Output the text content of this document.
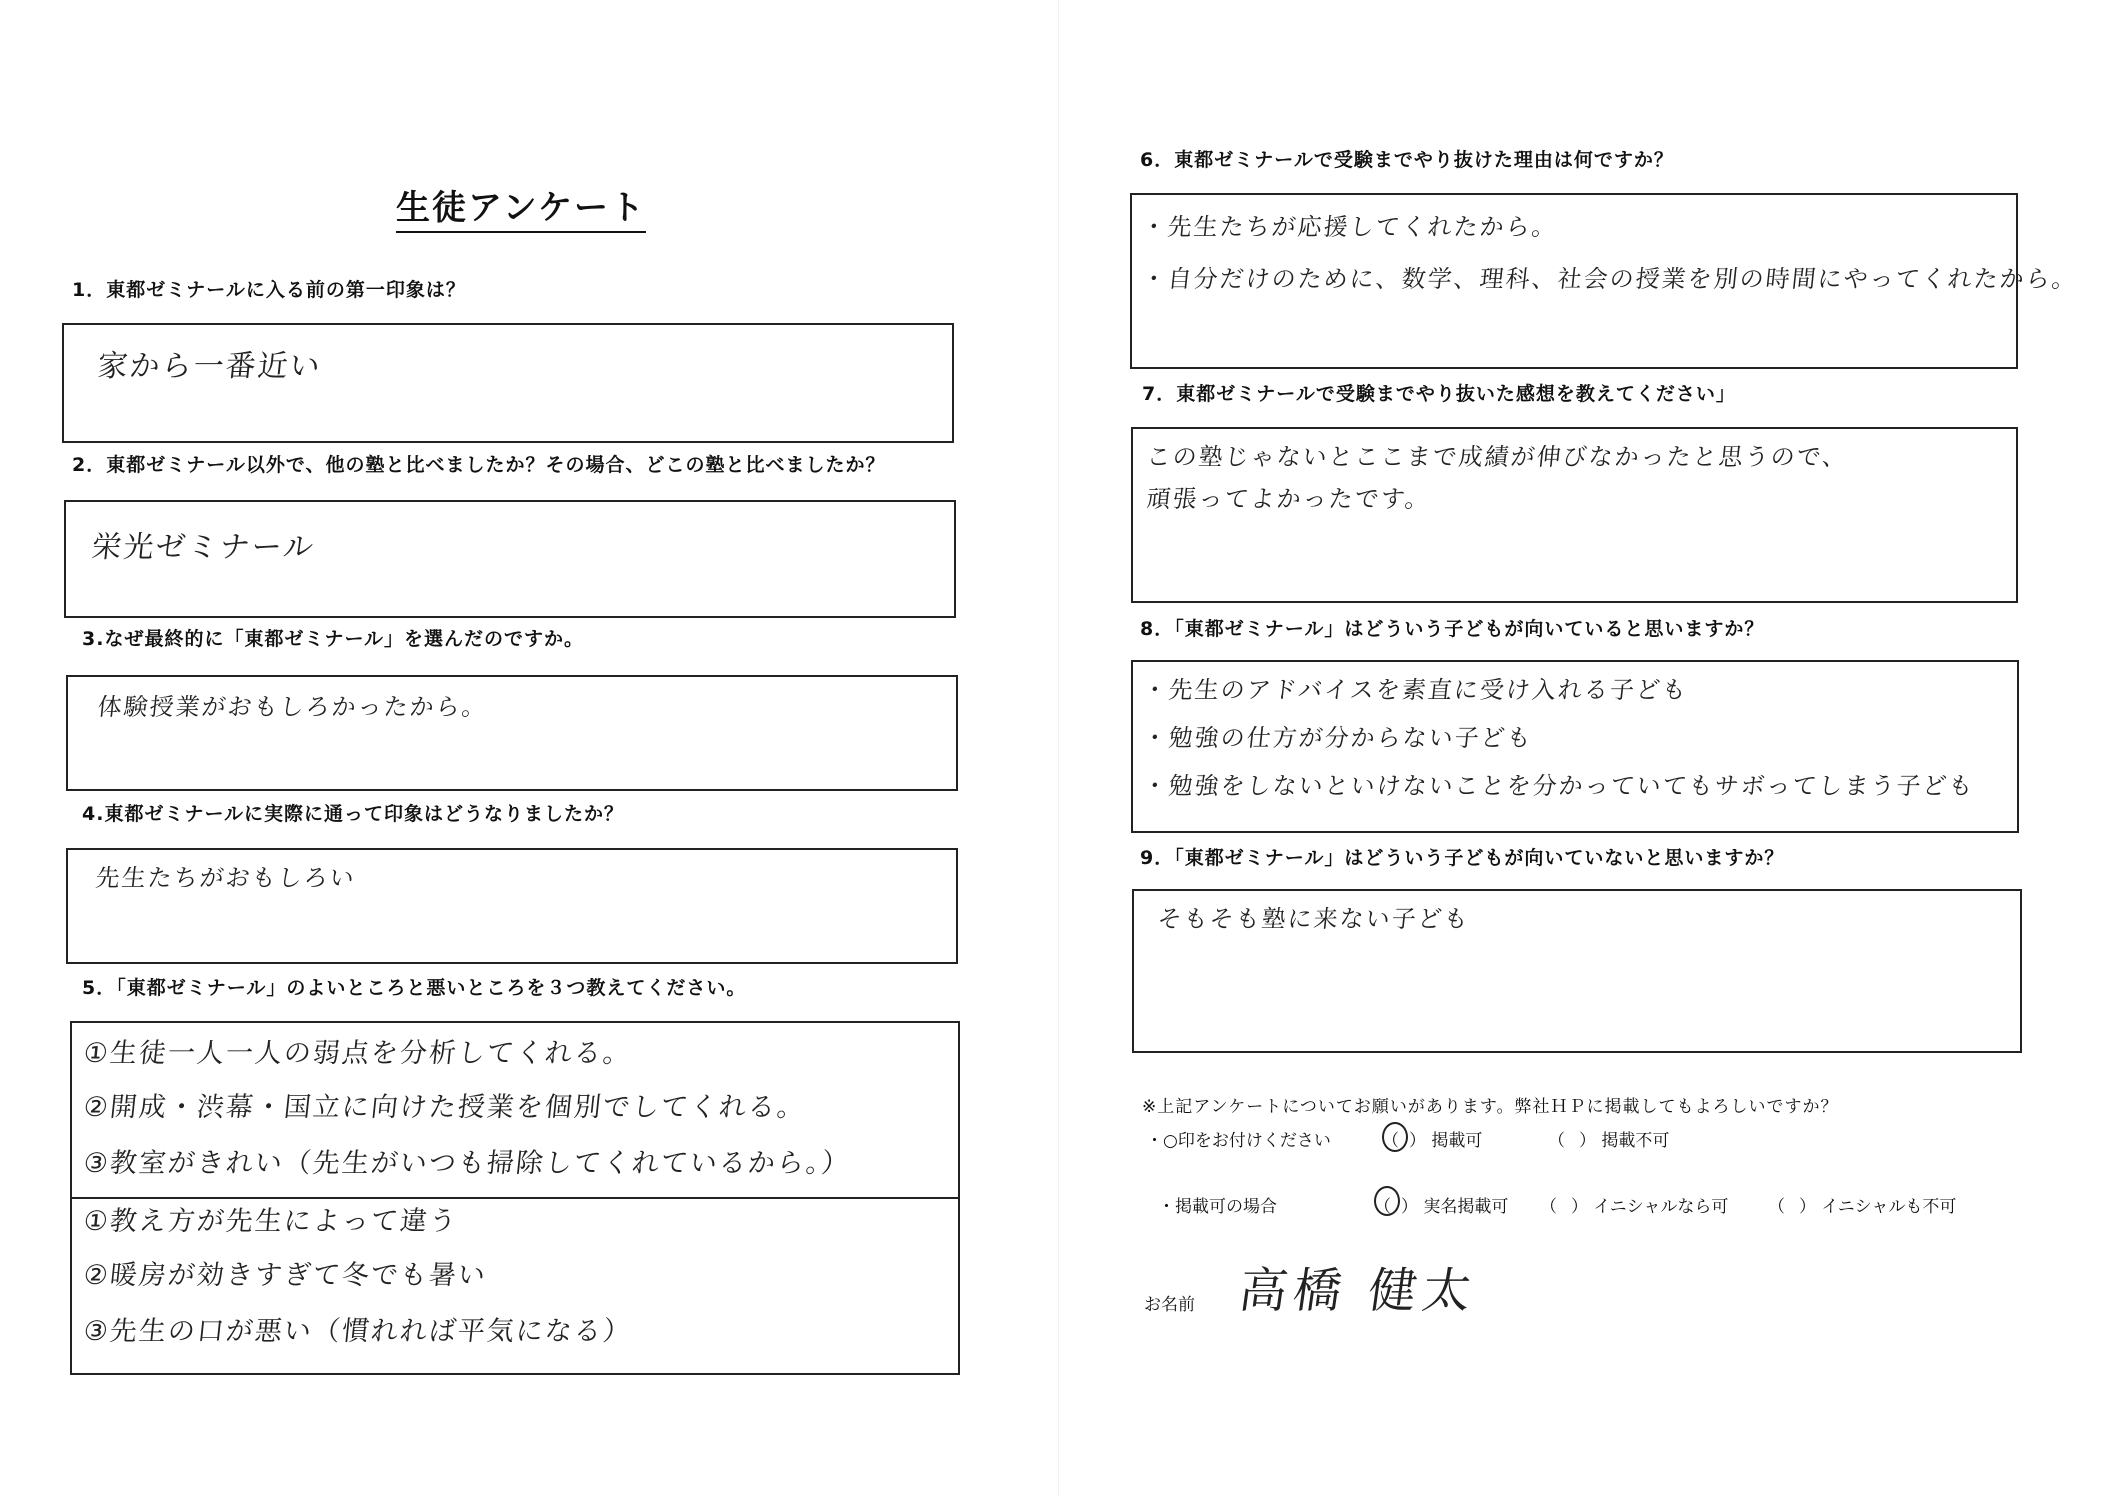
生徒アンケート
1．東都ゼミナールに入る前の第一印象は？
家から一番近い
2．東都ゼミナール以外で、他の塾と比べましたか？その場合、どこの塾と比べましたか？
栄光ゼミナール
3.なぜ最終的に「東都ゼミナール」を選んだのですか。
体験授業がおもしろかったから。
4.東都ゼミナールに実際に通って印象はどうなりましたか？
先生たちがおもしろい
5．「東都ゼミナール」のよいところと悪いところを３つ教えてください。
①生徒一人一人の弱点を分析してくれる。
②開成・渋幕・国立に向けた授業を個別でしてくれる。
③教室がきれい（先生がいつも掃除してくれているから。）
①教え方が先生によって違う
②暖房が効きすぎて冬でも暑い
③先生の口が悪い（慣れれば平気になる）
6．東都ゼミナールで受験までやり抜けた理由は何ですか？
・先生たちが応援してくれたから。
・自分だけのために、数学、理科、社会の授業を別の時間にやってくれたから。
7．東都ゼミナールで受験までやり抜いた感想を教えてください」
この塾じゃないとここまで成績が伸びなかったと思うので、
頑張ってよかったです。
8．「東都ゼミナール」はどういう子どもが向いていると思いますか？
・先生のアドバイスを素直に受け入れる子ども
・勉強の仕方が分からない子ども
・勉強をしないといけないことを分かっていてもサボってしまう子ども
9．「東都ゼミナール」はどういう子どもが向いていないと思いますか？
そもそも塾に来ない子ども
※上記アンケートについてお願いがあります。弊社ＨＰに掲載してもよろしいですか？
・○印をお付けください	（ ） 掲載可	（ ） 掲載不可
・掲載可の場合	（ ） 実名掲載可 （ ） イニシャルなら可 （ ） イニシャルも不可
お名前 高橋 健太
